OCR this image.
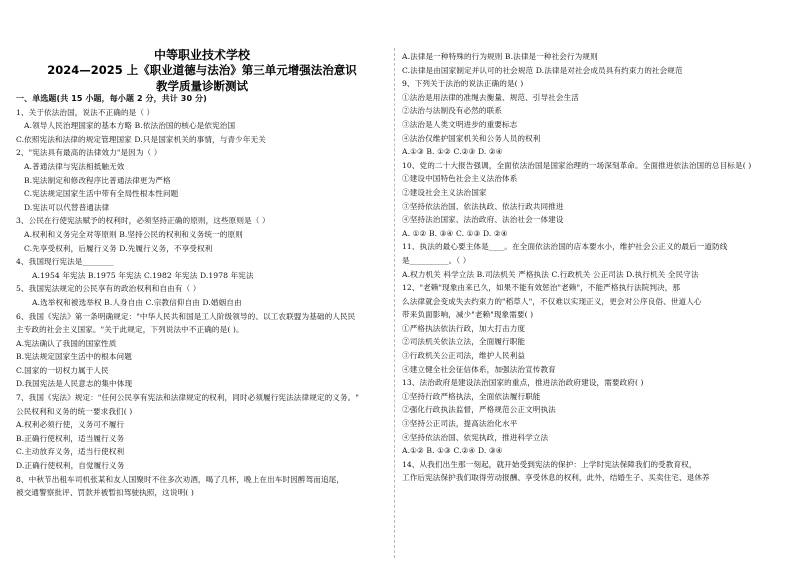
中等职业技术学校
2024—2025 上《职业道德与法治》第三单元增强法治意识
教学质量诊断测试
一、单选题(共 15 小题，每小题 2 分，共计 30 分)
1、关于依法治国，说法不正确的是（ ）
A.领导人民治理国家的基本方略 B.依法治国的核心是依宪治国
C.依照宪法和法律的规定管理国家 D.只是国家机关的事情，与青少年无关
2、"宪法具有最高的法律效力"是因为（ ）
A.普通法律与宪法相抵触无效
B.宪法制定和修改程序比普通法律更为严格
C.宪法规定国家生活中带有全局性根本性问题
D.宪法可以代替普通法律
3、公民在行使宪法赋予的权利时，必须坚持正确的原则，这些原则是（ ）
A.权利和义务完全对等原则 B.坚持公民的权利和义务统一的原则
C.先享受权利，后履行义务 D.先履行义务，不享受权利
4、我国现行宪法是________
A.1954 年宪法 B.1975 年宪法 C.1982 年宪法 D.1978 年宪法
5、我国宪法规定的公民享有的政治权利和自由有（ ）
A.选举权和被选举权 B.人身自由 C.宗教信仰自由 D.婚姻自由
6、我国《宪法》第一条明确规定："中华人民共和国是工人阶级领导的、以工农联盟为基础的人民民
主专政的社会主义国家。"关于此规定，下列说法中不正确的是( )。
A.宪法确认了我国的国家性质
B.宪法规定国家生活中的根本问题
C.国家的一切权力属于人民
D.我国宪法是人民意志的集中体现
7、我国《宪法》规定："任何公民享有宪法和法律规定的权利，同时必须履行宪法法律规定的义务。"
公民权利和义务的统一要求我们( )
A.权利必须行使，义务可不履行
B.正确行使权利，适当履行义务
C.主动放弃义务，适当行使权利
D.正确行使权利，自觉履行义务
8、中秋节出租车司机张某和友人国聚时不住多次劝酒，喝了几杯，晚上在出车时因醉驾而追尾，
被交通警察批评、罚款并被暂扣驾驶执照，这说明( )
A.法律是一种特殊的行为规则 B.法律是一种社会行为规则
C.法律是由国家制定并认可的社会规范 D.法律是对社会成员具有约束力的社会规范
9、下列关于法治的说法正确的是( )
①法治是用法律的准绳去衡量、规范、引导社会生活
②法治与法制没有必然的联系
③法治是人类文明进步的重要标志
④法治仅维护国家机关和公务人员的权利
A.①③ B. ①② C.②③ D. ②④
10、党的二十大报告强调，全面依法治国是国家治理的一场深刻革命。全面推进依法治国的总目标是( )
①建设中国特色社会主义法治体系
②建设社会主义法治国家
③坚持依法治国、依法执政、依法行政共同推进
④坚持法治国家、法治政府、法治社会一体建设
A. ①② B. ③④ C. ①③ D. ②④
11、执法的最心要主体是____。在全面依法治国的店本要水小，维护社会公正义的最后一道防线
是__________。（ ）
A.权力机关 科学立法 B.司法机关 严格执法 C.行政机关 公正司法 D.执行机关 全民守法
12、"老赖"现象由来已久，如果不能有效惩治"老赖"，不能严格执行法院判决，那
么法律就会变成失去约束力的"稻草人"，不仅难以实现正义，更会对公序良俗、世道人心
带来负面影响，减少"老赖"现象需要( )
①严格执法依法行政，加大打击力度
②司法机关依法立法，全面履行职能
③行政机关公正司法，维护人民利益
④建立健全社会征信体系，加强法治宣传教育
13、法治政府是建设法治国家的重点，推进法治政府建设，需要政府( )
①坚持行政严格执法，全面依法履行职能
②强化行政执法监督，严格规范公正文明执法
③坚持公正司法，提高法治化水平
④坚持依法治国、依宪执政，推进科学立法
A.①② B. ①③ C.②④ D. ③④
14、从我们出生那一刻起，就开始受到宪法的保护：上学时宪法保障我们的受教育权，
工作后宪法保护我们取得劳动报酬、享受休息的权利，此外，结婚生子、买卖住宅、退休养
